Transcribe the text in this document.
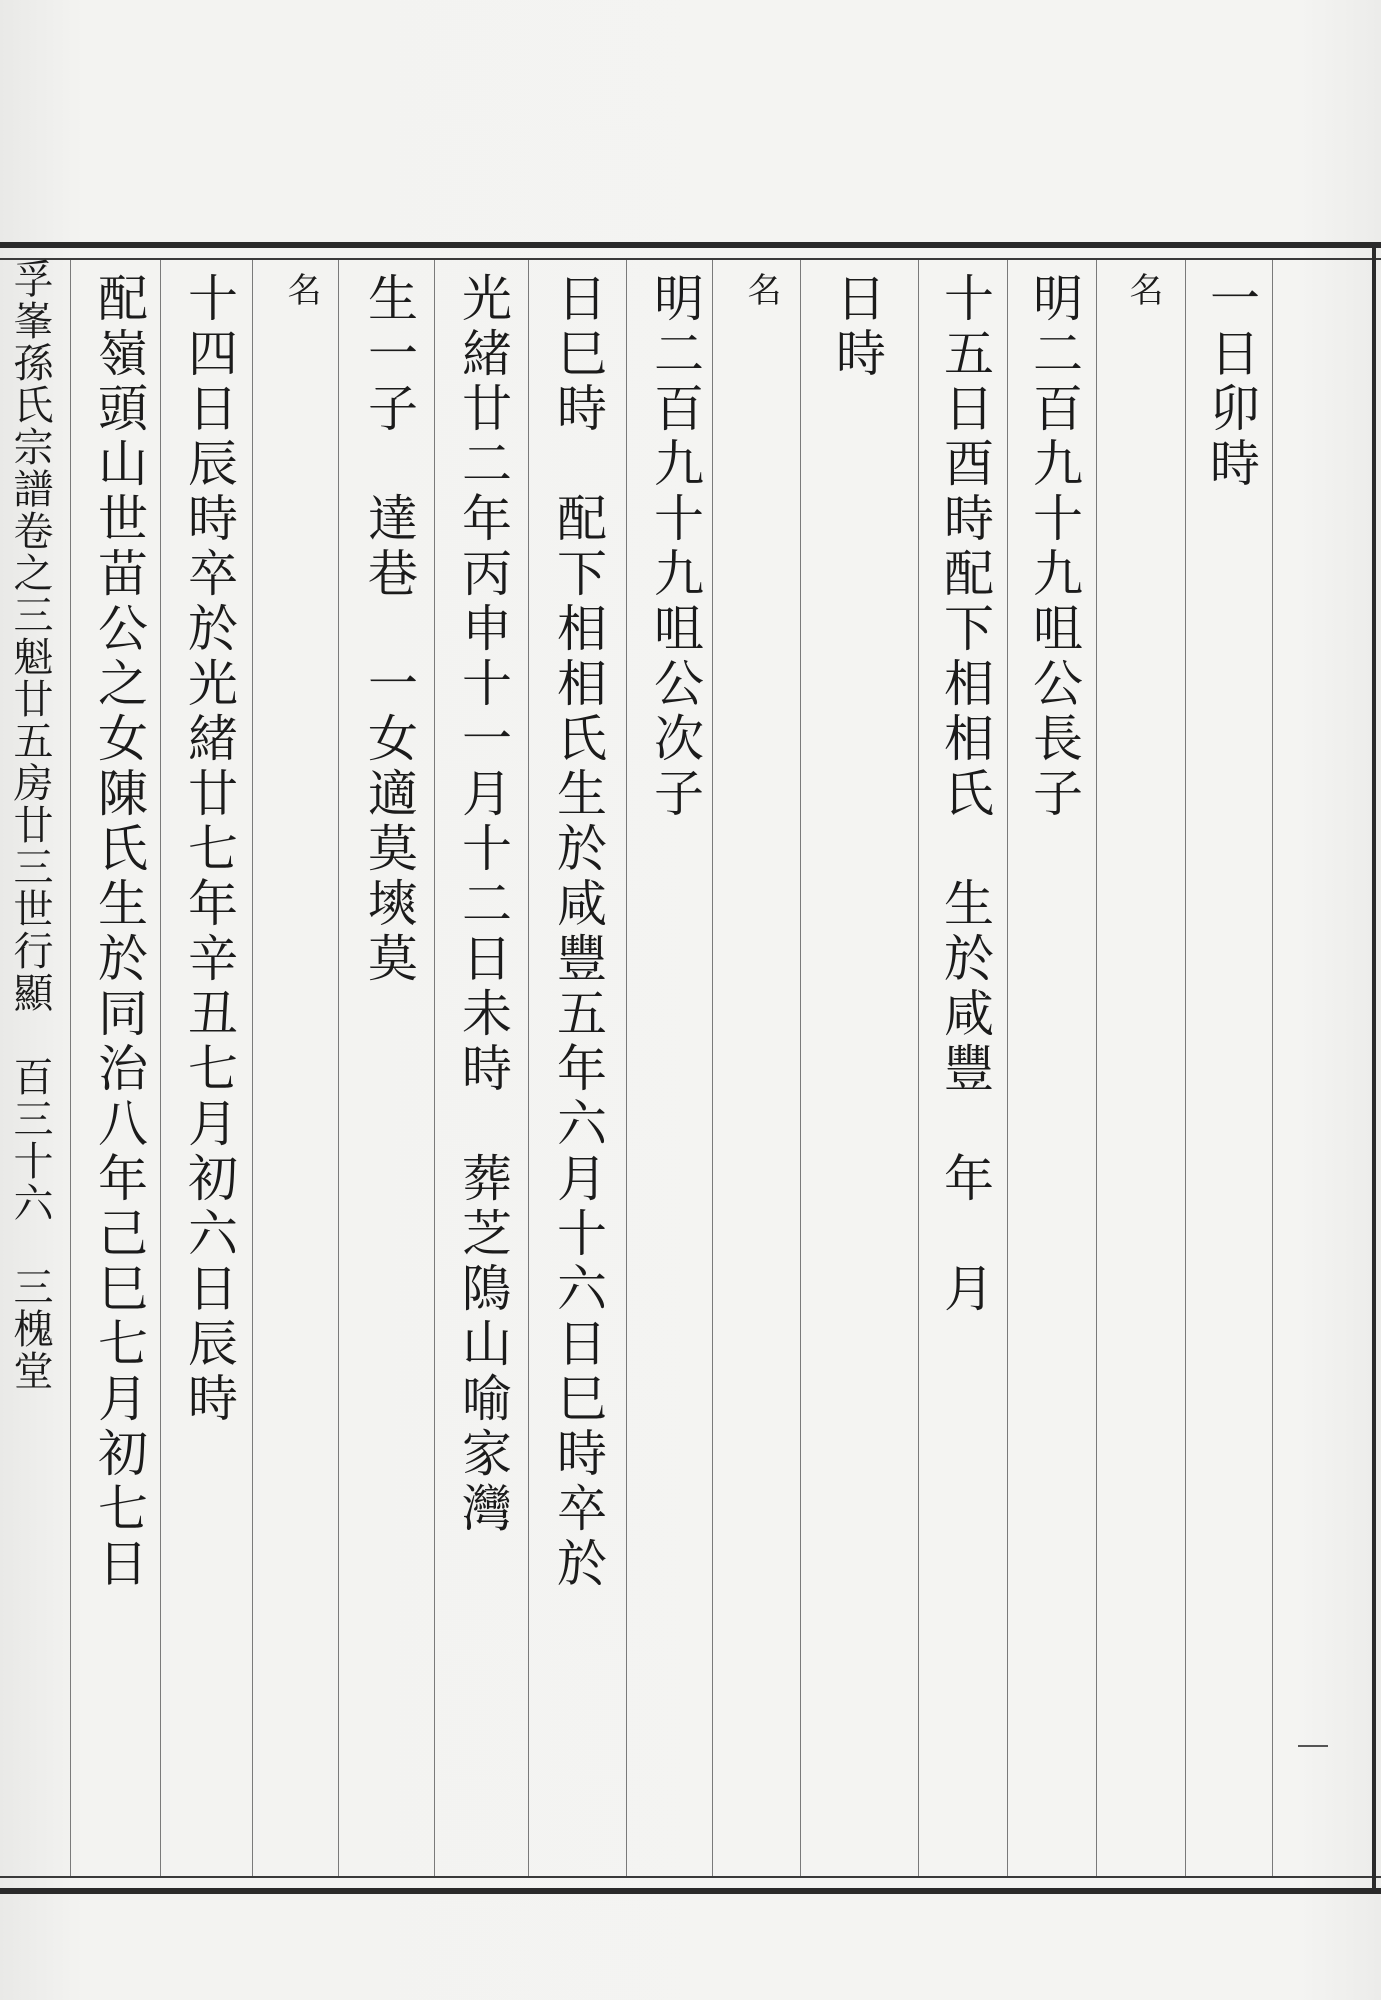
⠀
一日卯時
名
明二百九十九咀公長子
十五日酉時配下相相氏　生於咸豐　年　月
日時
名
明二百九十九咀公次子
日巳時　配下相相氏生於咸豐五年六月十六日巳時卒於
光緒廿二年丙申十一月十二日未時　葬芝隝山喻家灣
生一子　達巷　一女適莫塽莫
名
十四日辰時卒於光緒廿七年辛丑七月初六日辰時
配嶺頭山世苗公之女陳氏生於同治八年己巳七月初七日
孚峯孫氏宗譜卷之三魁廿五房廿三世行顯　百三十六　三槐堂
